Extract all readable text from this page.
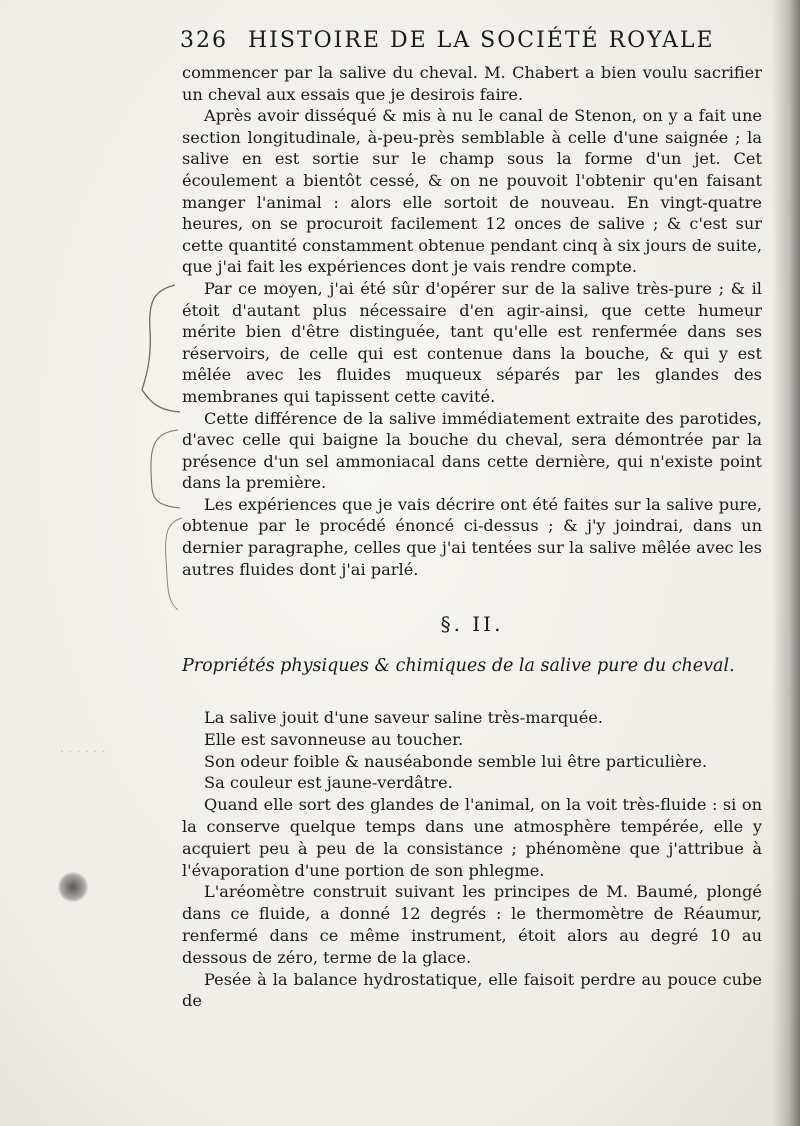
· · · · · ·
326 HISTOIRE DE LA SOCIÉTÉ ROYALE

commencer par la salive du cheval. M. Chabert a bien voulu sacrifier un cheval aux essais que je desirois faire.

Après avoir disséqué & mis à nu le canal de Stenon, on y a fait une section longitudinale, à-peu-près semblable à celle d'une saignée ; la salive en est sortie sur le champ sous la forme d'un jet. Cet écoulement a bientôt cessé, & on ne pouvoit l'obtenir qu'en faisant manger l'animal : alors elle sortoit de nouveau. En vingt-quatre heures, on se procuroit facilement 12 onces de salive ; & c'est sur cette quantité constamment obtenue pendant cinq à six jours de suite, que j'ai fait les expériences dont je vais rendre compte.

Par ce moyen, j'ai été sûr d'opérer sur de la salive très-pure ; & il étoit d'autant plus nécessaire d'en agir-ainsi, que cette humeur mérite bien d'être distinguée, tant qu'elle est renfermée dans ses réservoirs, de celle qui est contenue dans la bouche, & qui y est mêlée avec les fluides muqueux séparés par les glandes des membranes qui tapissent cette cavité.

Cette différence de la salive immédiatement extraite des parotides, d'avec celle qui baigne la bouche du cheval, sera démontrée par la présence d'un sel ammoniacal dans cette dernière, qui n'existe point dans la première.

Les expériences que je vais décrire ont été faites sur la salive pure, obtenue par le procédé énoncé ci-dessus ; & j'y joindrai, dans un dernier paragraphe, celles que j'ai tentées sur la salive mêlée avec les autres fluides dont j'ai parlé.

§. II.
Propriétés physiques & chimiques de la salive pure du cheval.

La salive jouit d'une saveur saline très-marquée.

Elle est savonneuse au toucher.

Son odeur foible & nauséabonde semble lui être particulière.

Sa couleur est jaune-verdâtre.

Quand elle sort des glandes de l'animal, on la voit très-fluide : si on la conserve quelque temps dans une atmosphère tempérée, elle y acquiert peu à peu de la consistance ; phénomène que j'attribue à l'évaporation d'une portion de son phlegme.

L'aréomètre construit suivant les principes de M. Baumé, plongé dans ce fluide, a donné 12 degrés : le thermomètre de Réaumur, renfermé dans ce même instrument, étoit alors au degré 10 au dessous de zéro, terme de la glace.

Pesée à la balance hydrostatique, elle faisoit perdre au pouce cube de
